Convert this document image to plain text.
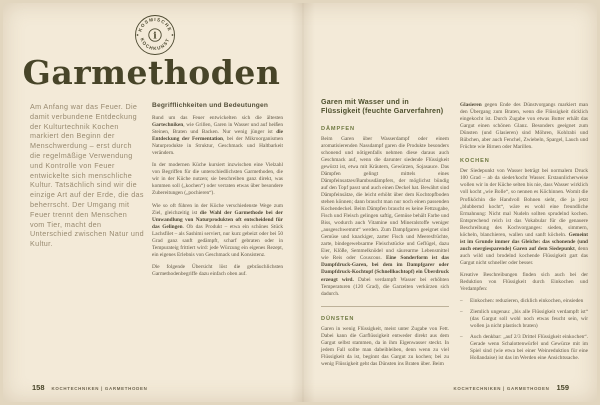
i
KOSMISCHE
KOCHKUNST
Garmethoden
Am Anfang war das Feuer. Die damit verbundene Entdeckung der Kulturtechnik Kochen markiert den Beginn der Menschwerdung – erst durch die regelmäßige Verwendung und Kontrolle von Feuer entwickelte sich menschliche Kultur. Tatsächlich sind wir die einzige Art auf der Erde, die das beherrscht. Der Umgang mit Feuer trennt den Menschen vom Tier, macht den Unterschied zwischen Natur und Kultur.
Begrifflichkeiten und Bedeutungen

Rund um das Feuer entwickelten sich die ältesten Gartechniken, wie Grillen, Garen in Wasser und auf heißen Steinen, Braten und Backen. Nur wenig jünger ist die Entdeckung der Fermentation, bei der Mikroorganismen Naturprodukte in Struktur, Geschmack und Haltbarkeit verändern.

In der modernen Küche kursiert inzwischen eine Vielzahl von Begriffen für die unterschiedlichsten Garmethoden, die wir in der Küche nutzen; sie beschreiben ganz direkt, was kommen soll („kochen“) oder verraten etwas über besondere Zubereitungen („pochieren“).

Wie so oft führen in der Küche verschiedenste Wege zum Ziel, gleichzeitig ist die Wahl der Garmethode bei der Umwandlung von Naturprodukten oft entscheidend für das Gelingen. Ob das Produkt – etwa ein schönes Stück Lachsfilet – als Sashimi serviert, nur kurz gebeizt oder bei 50 Grad ganz sanft gedämpft, scharf gebraten oder in Tempurateig frittiert wird: jede Würzung ein eigenes Rezept, ein eigenes Erlebnis von Geschmack und Konsistenz.

Die folgende Übersicht löst die gebräuchlichsten Garmethodenbegriffe dazu einfach oben auf.

158 KOCHTECHNIKEN | GARMETHODEN
Garen mit Wasser und in Flüssigkeit (feuchte Garverfahren)
DÄMPFEN

Beim Garen über Wasserdampf oder einem aromatisierenden Nassdampf garen die Produkte besonders schonend und nötigenfalls nehmen diese daraus auch Geschmack auf, wenn die darunter siedende Flüssigkeit gewürzt ist, etwa mit Kräutern, Gewürzen, Sojasauce. Das Dämpfen gelingt mittels eines Dämpfeinsatzes/Bambusdämpfers, der möglichst bündig auf den Topf passt und auch einen Deckel hat. Bewährt sind Dämpfeinsätze, die leicht erhöht über dem Kochtopfboden stehen können; dann braucht man nur noch einen passenden Kochendeckel. Beim Dämpfen braucht es keine Fettzugabe, Fisch und Fleisch gelingen saftig, Gemüse behält Farbe und Biss, wodurch auch Vitamine und Mineralstoffe weniger „ausgeschwemmt“ werden. Zum Dampfgaren geeignet sind Gemüse und knackiger, zarter Fisch und Meeresfrüchte, zarte, bindegewebsarme Fleischstücke und Geflügel, dazu Eier, Klöße, Semmelknödel und säurearme Lebensmittel wie Reis oder Couscous. Eine Sonderform ist das Dampfdruck-Garen, bei dem im Dampfgarer oder Dampfdruck-Kochtopf (Schnellkochtopf) ein Überdruck erzeugt wird. Dabei verdampft Wasser bei erhöhten Temperaturen (120 Grad), die Garzeiten verkürzen sich dadurch.

DÜNSTEN

Garen in wenig Flüssigkeit, meist unter Zugabe von Fett. Dabei kann die Garflüssigkeit entweder direkt aus dem Gargut selbst stammen, da in ihm Eigenwasser steckt. In jedem Fall sollte man dabeibleiben, denn wenn zu viel Flüssigkeit da ist, beginnt das Gargut zu kochen; bei zu wenig Flüssigkeit geht das Dünsten ins Braten über. Beim

Glasieren gegen Ende des Dünstvorgangs markiert man den Übergang zum Braten, wenn die Flüssigkeit dicklich eingekocht ist. Durch Zugabe von etwas Butter erhält das Gargut einen schönen Glanz. Besonders geeignet zum Dünsten (und Glasieren) sind Möhren, Kohlrabi und Rübchen, aber auch Fenchel, Zwiebeln, Spargel, Lauch und Früchte wie Birnen oder Marillen.

KOCHEN

Der Siedepunkt von Wasser beträgt bei normalem Druck 100 Grad – ab da siedet/kocht Wasser. Erstaunlicherweise wollen wir in der Küche selten bis nie, dass Wasser wirklich voll kocht „wie Bolle“, so nennen es Köchinnen. Womit die Profiköchin die Handvoll Bohnen sieht, die ja jetzt „blubbernd kocht“, wäre es wohl eine freundliche Ermahnung: Nicht mal Nudeln sollten sprudelnd kochen. Entsprechend reich ist das Vokabular für die genauere Beschreibung des Kochvorganges: sieden, simmern, köcheln, blanchieren, wallen und sanft köcheln. Gemeint ist im Grunde immer das Gleiche: das schonende (und auch energiesparende) Garen auf dem Siedepunkt, denn auch wild und brodelnd kochende Flüssigkeit gart das Gargut nicht schneller oder besser.

Kreative Beschreibungen finden sich auch bei der Reduktion von Flüssigkeit durch Einkochen und Verdampfen:

–	Einkochen: reduzieren, dicklich einkochen, einsieden

–	Ziemlich ungenau: „bis alle Flüssigkeit verdampft ist“ (das Gargut soll wohl noch etwas feucht sein, wir wollen ja nicht plastisch braten)

–	Auch denkbar: „auf 2/3 Drittel Flüssigkeit einkochen“. Gerade wenn Schalottenwürfel und Gewürze mit im Spiel sind (wie etwa bei einer Weinreduktion für eine Hollandaise) ist das im Werden eine Ansichtssache.

KOCHTECHNIKEN | GARMETHODEN 159
